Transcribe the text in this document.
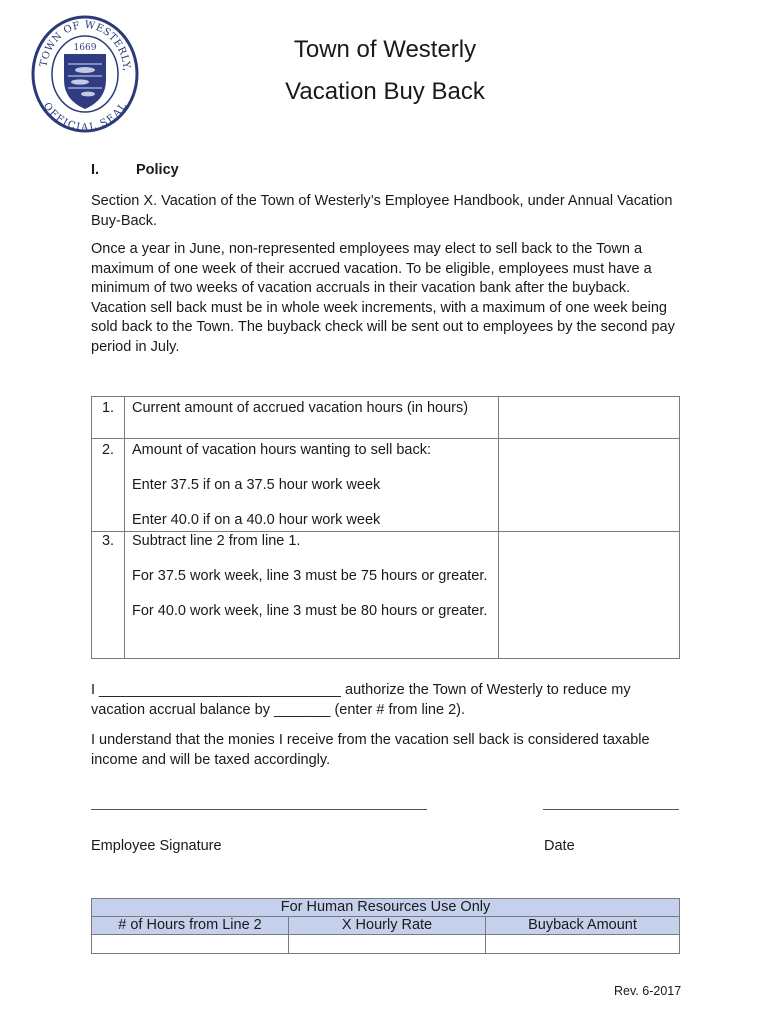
TOWN OF WESTERLY,
OFFICIAL SEAL
1669	Town of Westerly
Vacation Buy Back
I.	Policy
Section X. Vacation of the Town of Westerly’s Employee Handbook, under Annual Vacation Buy-Back.
Once a year in June, non-represented employees may elect to sell back to the Town a maximum of one week of their accrued vacation. To be eligible, employees must have a minimum of two weeks of vacation accruals in their vacation bank after the buyback. Vacation sell back must be in whole week increments, with a maximum of one week being sold back to the Town. The buyback check will be sent out to employees by the second pay period in July.
1.	Current amount of accrued vacation hours (in hours)	

2.	Amount of vacation hours wanting to sell back:

Enter 37.5 if on a 37.5 hour work week

Enter 40.0 if on a 40.0 hour work week	

3.	Subtract line 2 from line 1.

For 37.5 work week, line 3 must be 75 hours or greater.

For 40.0 work week, line 3 must be 80 hours or greater.	

I ______________________________ authorize the Town of Westerly to reduce my vacation accrual balance by _______ (enter # from line 2).
I understand that the monies I receive from the vacation sell back is considered taxable income and will be taxed accordingly.
Employee Signature	Date
For Human Resources Use Only		
# of Hours from Line 2	X Hourly Rate	Buyback Amount

Rev. 6-2017
